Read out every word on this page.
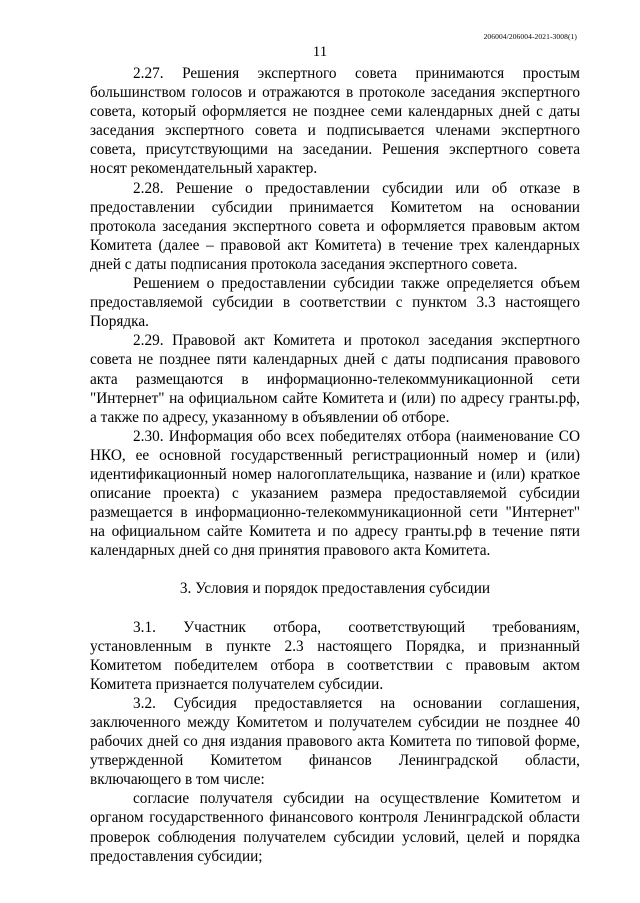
206004/206004-2021-3008(1)
11

2.27. Решения экспертного совета принимаются простым большинством голосов и отражаются в протоколе заседания экспертного совета, который оформляется не позднее семи календарных дней с даты заседания экспертного совета и подписывается членами экспертного совета, присутствующими на заседании. Решения экспертного совета носят рекомендательный характер.

2.28. Решение о предоставлении субсидии или об отказе в предоставлении субсидии принимается Комитетом на основании протокола заседания экспертного совета и оформляется правовым актом Комитета (далее – правовой акт Комитета) в течение трех календарных дней с даты подписания протокола заседания экспертного совета.

Решением о предоставлении субсидии также определяется объем предоставляемой субсидии в соответствии с пунктом 3.3 настоящего Порядка.

2.29. Правовой акт Комитета и протокол заседания экспертного совета не позднее пяти календарных дней с даты подписания правового акта размещаются в информационно-телекоммуникационной сети "Интернет" на официальном сайте Комитета и (или) по адресу гранты.рф, а также по адресу, указанному в объявлении об отборе.

2.30. Информация обо всех победителях отбора (наименование СО НКО, ее основной государственный регистрационный номер и (или) идентификационный номер налогоплательщика, название и (или) краткое описание проекта) с указанием размера предоставляемой субсидии размещается в информационно-телекоммуникационной сети "Интернет" на официальном сайте Комитета и по адресу гранты.рф в течение пяти календарных дней со дня принятия правового акта Комитета.

3. Условия и порядок предоставления субсидии

3.1. Участник отбора, соответствующий требованиям, установленным в пункте 2.3 настоящего Порядка, и признанный Комитетом победителем отбора в соответствии с правовым актом Комитета признается получателем субсидии.

3.2. Субсидия предоставляется на основании соглашения, заключенного между Комитетом и получателем субсидии не позднее 40 рабочих дней со дня издания правового акта Комитета по типовой форме, утвержденной Комитетом финансов Ленинградской области, включающего в том числе:

согласие получателя субсидии на осуществление Комитетом и органом государственного финансового контроля Ленинградской области проверок соблюдения получателем субсидии условий, целей и порядка предоставления субсидии;
